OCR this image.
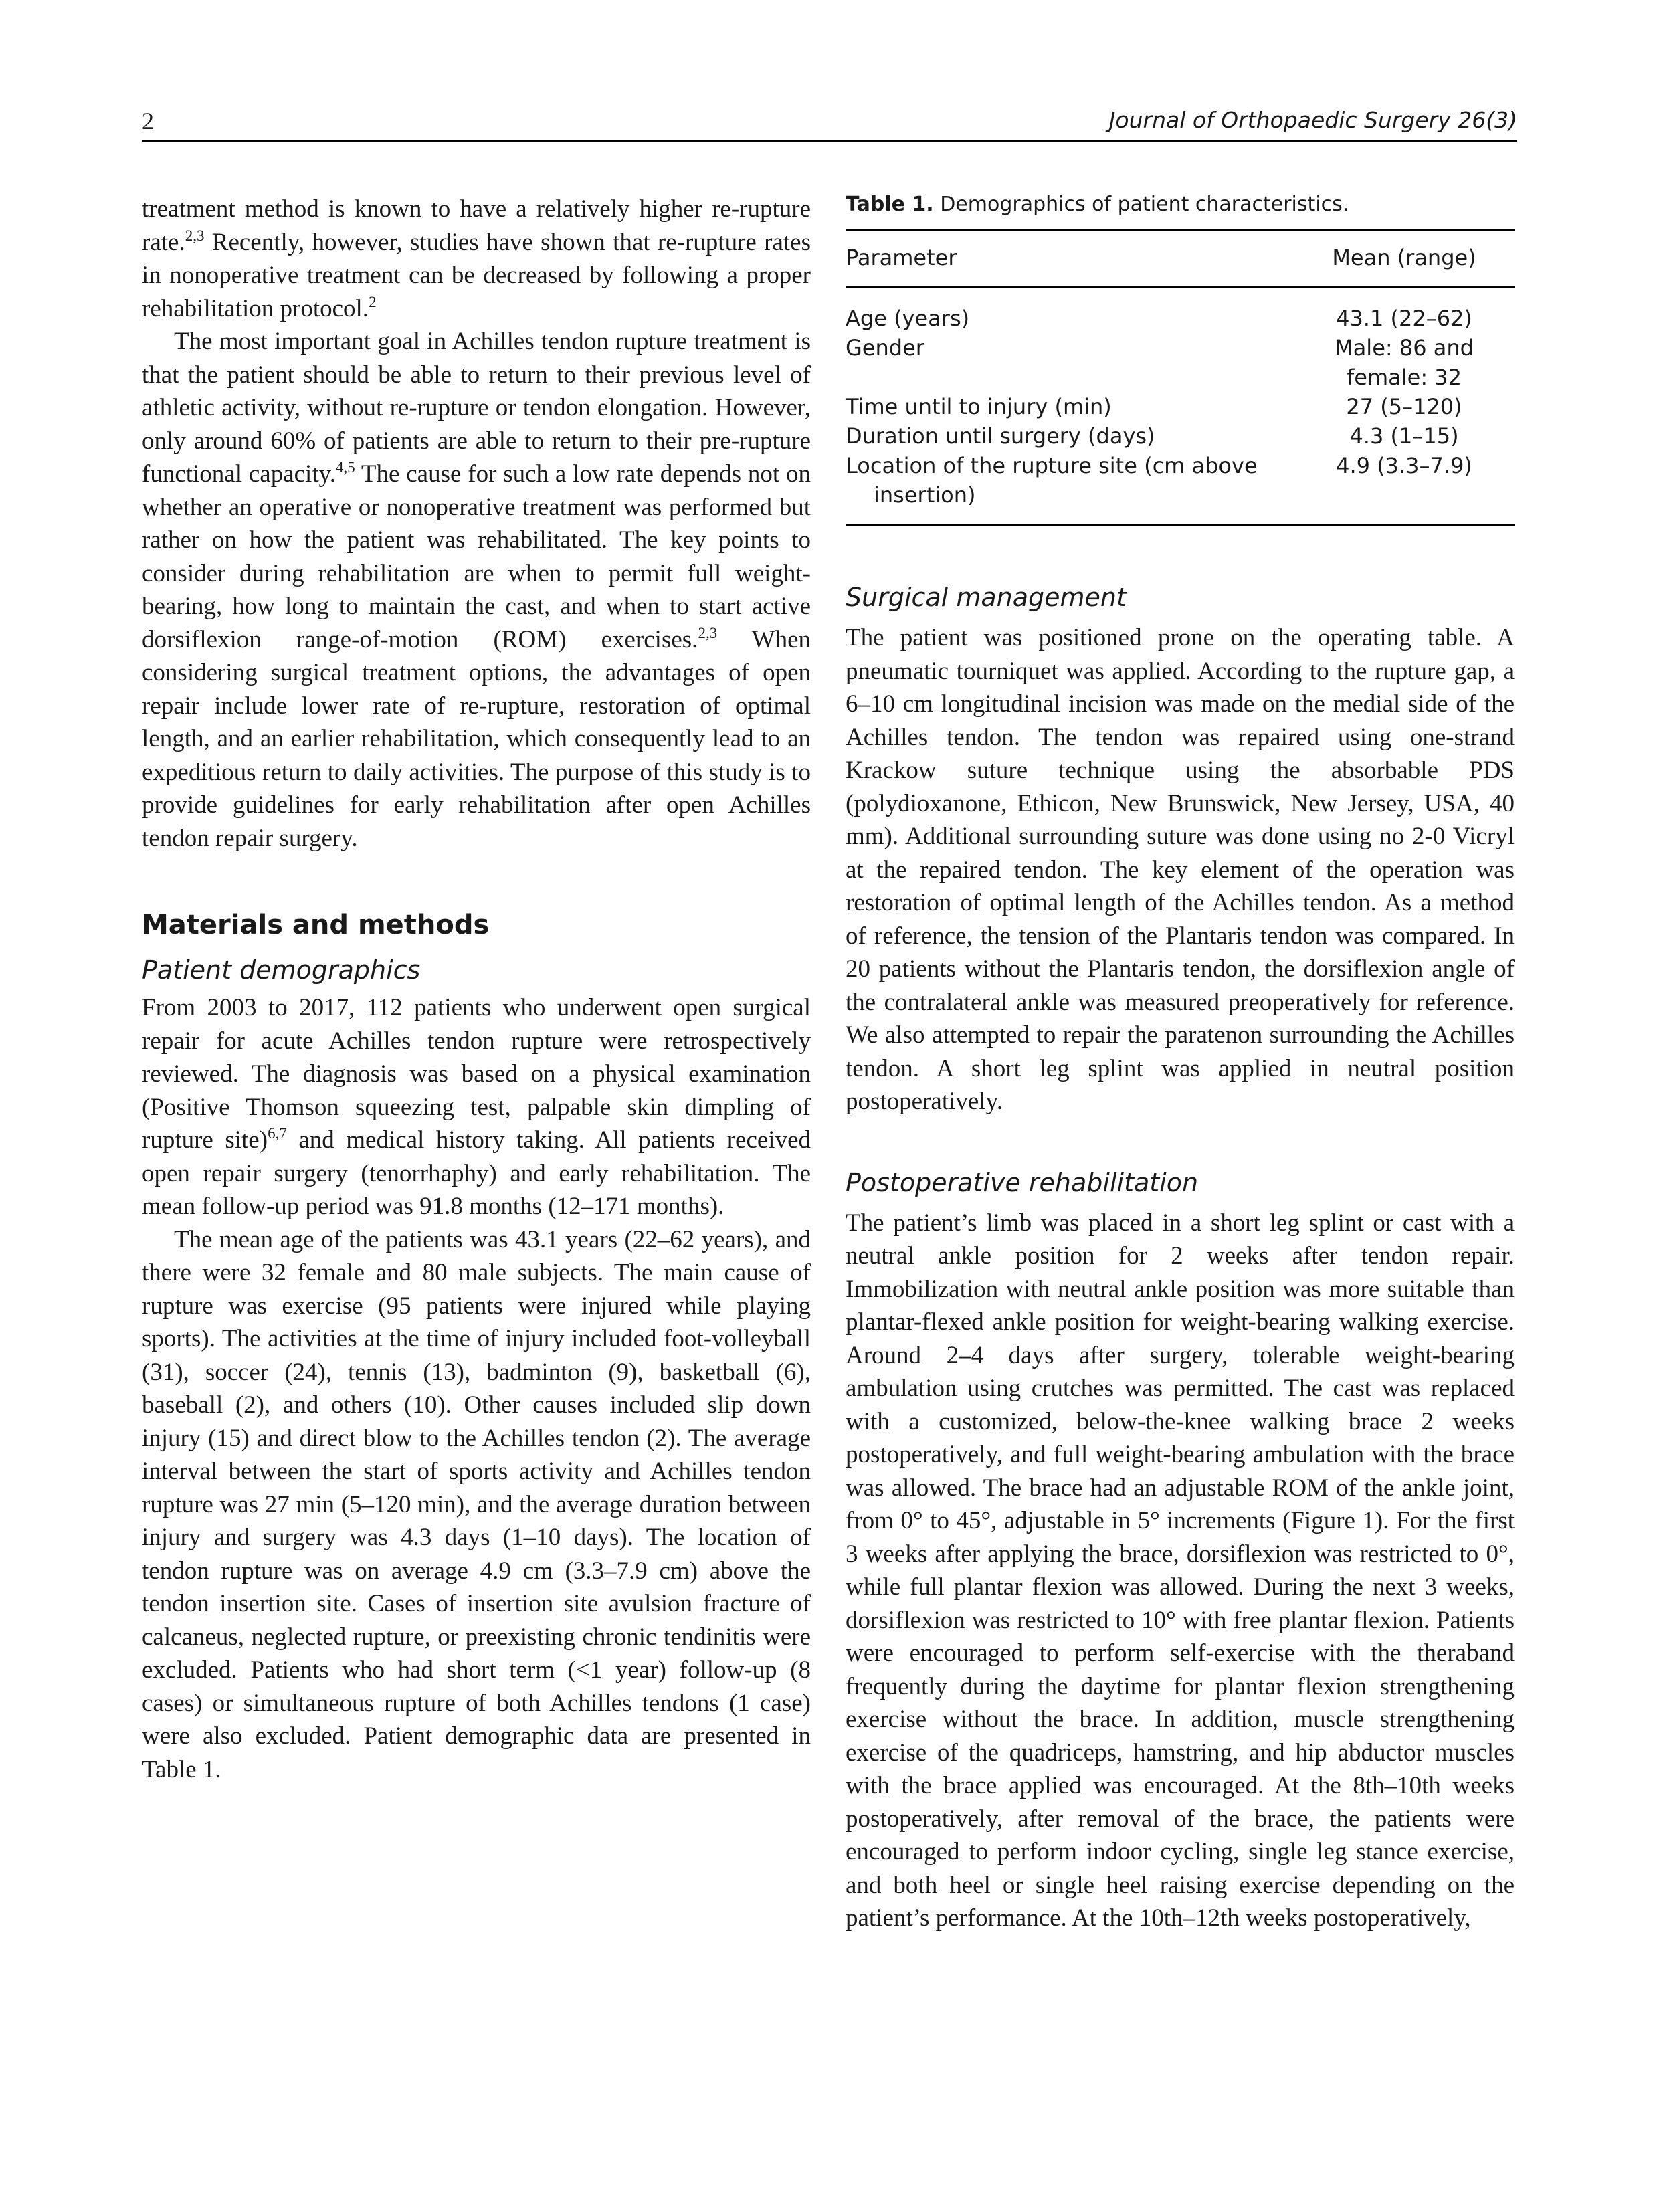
2	Journal of Orthopaedic Surgery 26(3)

treatment method is known to have a relatively higher re-rupture rate.$^{2,3}$ Recently, however, studies have shown that re-rupture rates in nonoperative treatment can be decreased by following a proper rehabilitation protocol.$^2$

The most important goal in Achilles tendon rupture treatment is that the patient should be able to return to their previous level of athletic activity, without re-rupture or tendon elongation. However, only around 60% of patients are able to return to their pre-rupture functional capacity.$^{4,5}$ The cause for such a low rate depends not on whether an operative or nonoperative treatment was performed but rather on how the patient was rehabilitated. The key points to consider during rehabilitation are when to permit full weight-bearing, how long to maintain the cast, and when to start active dorsiflexion range-of-motion (ROM) exercises.$^{2,3}$ When considering surgical treatment options, the advantages of open repair include lower rate of re-rupture, restoration of optimal length, and an earlier rehabilitation, which consequently lead to an expeditious return to daily activities. The purpose of this study is to provide guidelines for early rehabilitation after open Achilles tendon repair surgery.

Materials and methods
Patient demographics

From 2003 to 2017, 112 patients who underwent open surgical repair for acute Achilles tendon rupture were retrospectively reviewed. The diagnosis was based on a physical examination (Positive Thomson squeezing test, palpable skin dimpling of rupture site)$^{6,7}$ and medical history taking. All patients received open repair surgery (tenorrhaphy) and early rehabilitation. The mean follow-up period was 91.8 months (12–171 months).

The mean age of the patients was 43.1 years (22–62 years), and there were 32 female and 80 male subjects. The main cause of rupture was exercise (95 patients were injured while playing sports). The activities at the time of injury included foot-volleyball (31), soccer (24), tennis (13), badminton (9), basketball (6), baseball (2), and others (10). Other causes included slip down injury (15) and direct blow to the Achilles tendon (2). The average interval between the start of sports activity and Achilles tendon rupture was 27 min (5–120 min), and the average duration between injury and surgery was 4.3 days (1–10 days). The location of tendon rupture was on average 4.9 cm (3.3–7.9 cm) above the tendon insertion site. Cases of insertion site avulsion fracture of calcaneus, neglected rupture, or preexisting chronic tendinitis were excluded. Patients who had short term (<1 year) follow-up (8 cases) or simultaneous rupture of both Achilles tendons (1 case) were also excluded. Patient demographic data are presented in Table 1.

Table 1. Demographics of patient characteristics.

Parameter	Mean (range)
Age (years)	43.1 (22–62)
Gender	Male: 86 and female: 32
Time until to injury (min)	27 (5–120)
Duration until surgery (days)	4.3 (1–15)

Location of the rupture site (cm above insertion)	4.9 (3.3–7.9)
Surgical management

The patient was positioned prone on the operating table. A pneumatic tourniquet was applied. According to the rupture gap, a 6–10 cm longitudinal incision was made on the medial side of the Achilles tendon. The tendon was repaired using one-strand Krackow suture technique using the absorbable PDS (polydioxanone, Ethicon, New Brunswick, New Jersey, USA, 40 mm). Additional surrounding suture was done using no 2-0 Vicryl at the repaired tendon. The key element of the operation was restoration of optimal length of the Achilles tendon. As a method of reference, the tension of the Plantaris tendon was compared. In 20 patients without the Plantaris tendon, the dorsiflexion angle of the contralateral ankle was measured preoperatively for reference. We also attempted to repair the paratenon surrounding the Achilles tendon. A short leg splint was applied in neutral position postoperatively.

Postoperative rehabilitation

The patient’s limb was placed in a short leg splint or cast with a neutral ankle position for 2 weeks after tendon repair. Immobilization with neutral ankle position was more suitable than plantar-flexed ankle position for weight-bearing walking exercise. Around 2–4 days after surgery, tolerable weight-bearing ambulation using crutches was permitted. The cast was replaced with a customized, below-the-knee walking brace 2 weeks postoperatively, and full weight-bearing ambulation with the brace was allowed. The brace had an adjustable ROM of the ankle joint, from 0° to 45°, adjustable in 5° increments (Figure 1). For the first 3 weeks after applying the brace, dorsiflexion was restricted to 0°, while full plantar flexion was allowed. During the next 3 weeks, dorsiflexion was restricted to 10° with free plantar flexion. Patients were encouraged to perform self-exercise with the theraband frequently during the daytime for plantar flexion strengthening exercise without the brace. In addition, muscle strengthening exercise of the quadriceps, hamstring, and hip abductor muscles with the brace applied was encouraged. At the 8th–10th weeks postoperatively, after removal of the brace, the patients were encouraged to perform indoor cycling, single leg stance exercise, and both heel or single heel raising exercise depending on the patient’s performance. At the 10th–12th weeks postoperatively,
